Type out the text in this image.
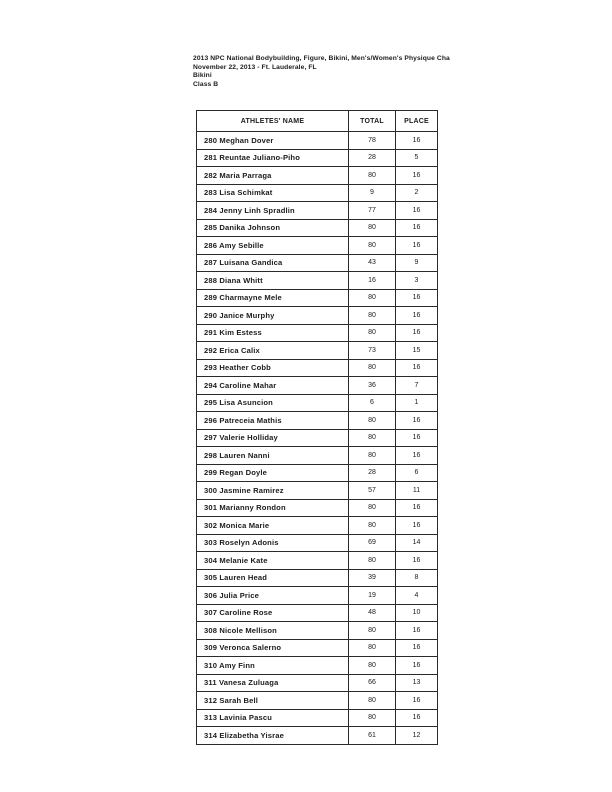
2013 NPC National Bodybuilding, Figure, Bikini, Men's/Women's Physique Cha
November 22, 2013 - Ft. Lauderale, FL
Bikini
Class B
ATHLETES' NAME	TOTAL	PLACE
280 Meghan Dover	78	16
281 Reuntae Juliano-Piho	28	5
282 Maria Parraga	80	16
283 Lisa Schimkat	9	2
284 Jenny Linh Spradlin	77	16
285 Danika Johnson	80	16
286 Amy Sebille	80	16
287 Luisana Gandica	43	9
288 Diana Whitt	16	3
289 Charmayne Mele	80	16
290 Janice Murphy	80	16
291 Kim Estess	80	16
292 Erica Calix	73	15
293 Heather Cobb	80	16
294 Caroline Mahar	36	7
295 Lisa Asuncion	6	1
296 Patreceia Mathis	80	16
297 Valerie Holliday	80	16
298 Lauren Nanni	80	16
299 Regan Doyle	28	6
300 Jasmine Ramirez	57	11
301 Marianny Rondon	80	16
302 Monica Marie	80	16
303 Roselyn Adonis	69	14
304 Melanie Kate	80	16
305 Lauren Head	39	8
306 Julia Price	19	4
307 Caroline Rose	48	10
308 Nicole Mellison	80	16
309 Veronca Salerno	80	16
310 Amy Finn	80	16
311 Vanesa Zuluaga	66	13
312 Sarah Bell	80	16
313 Lavinia Pascu	80	16
314 Elizabetha Yisrae	61	12
